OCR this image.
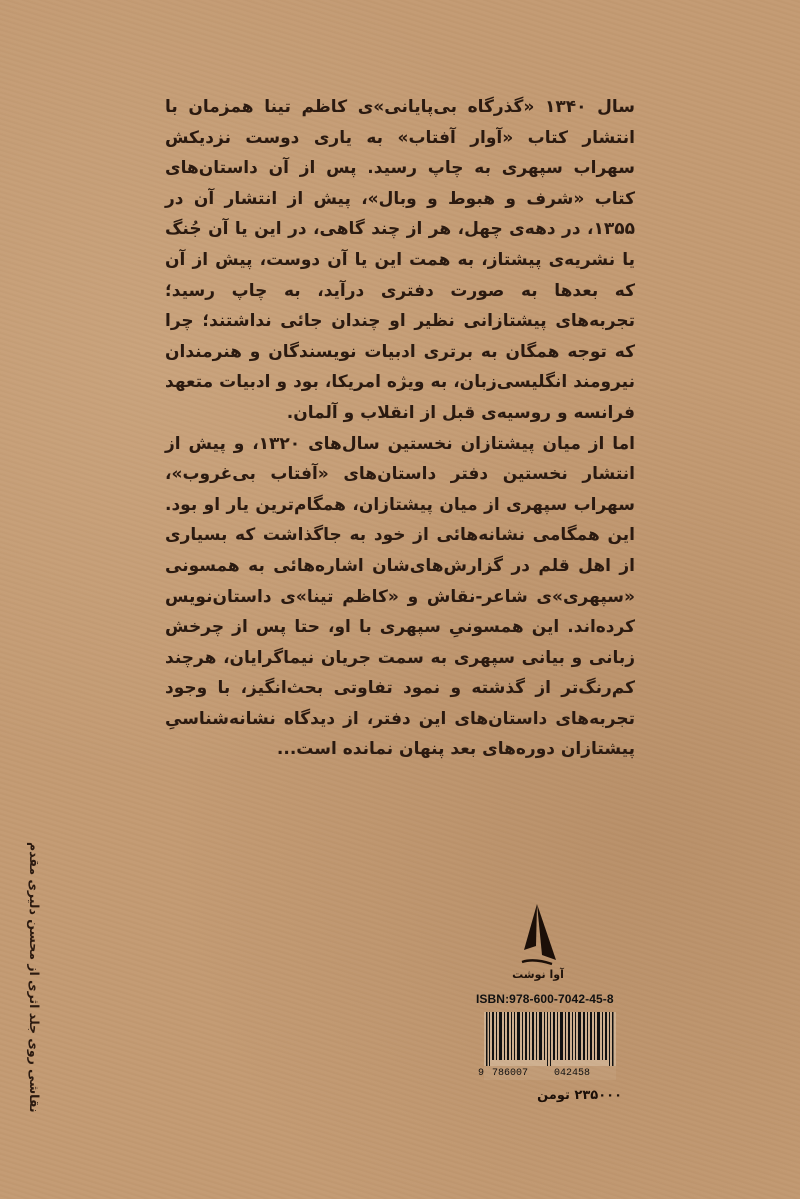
سال ۱۳۴۰ «گذرگاه بی‌پایانی»ی کاظم تینا همزمان با انتشار کتاب «آوار آفتاب» به یاری دوست نزدیکش سهراب سپهری به چاپ رسید. پس از آن داستان‌های کتاب «شرف و هبوط و وبال»، پیش از انتشار آن در ۱۳۵۵، در دهه‌ی چهل، هر از چند گاهی، در این یا آن جُنگ یا نشریه‌ی پیشتاز، به همت این یا آن دوست، پیش از آن که بعدها به صورت دفتری درآید، به چاپ رسید؛ تجربه‌های پیشتازانی نظیر او چندان جائی نداشتند؛ چرا که توجه همگان به برتری ادبیات نویسندگان و هنرمندان نیرومند انگلیسی‌زبان، به ویژه امریکا، بود و ادبیات متعهد فرانسه و روسیه‌ی قبل از انقلاب و آلمان.

اما از میان پیشتازان نخستین سال‌های ۱۳۲۰، و پیش از انتشار نخستین دفتر داستان‌های «آفتاب بی‌غروب»، سهراب سپهری از میان پیشتازان، همگام‌ترین یار او بود. این همگامی نشانه‌هائی از خود به جاگذاشت که بسیاری از اهل قلم در گزارش‌های‌شان اشاره‌هائی به همسونی «سپهری»ی شاعر-نقاش و «کاظم تینا»ی داستان‌نویس کرده‌اند. این همسونیِ سپهری با او، حتا پس از چرخش زبانی و بیانی سپهری به سمت جریان نیماگرایان، هرچند کم‌رنگ‌تر از گذشته و نمود تفاوتی بحث‌انگیز، با وجود تجربه‌های داستان‌های این دفتر، از دیدگاه نشانه‌شناسیِ پیشتازان دوره‌های بعد پنهان نمانده است...

نقاشی روی جلد اثری از محسن دلیری مقدم	آوا نوشت
ISBN:978-600-7042-45-8
9 786007	042458
۲۳۵۰۰۰ تومن
